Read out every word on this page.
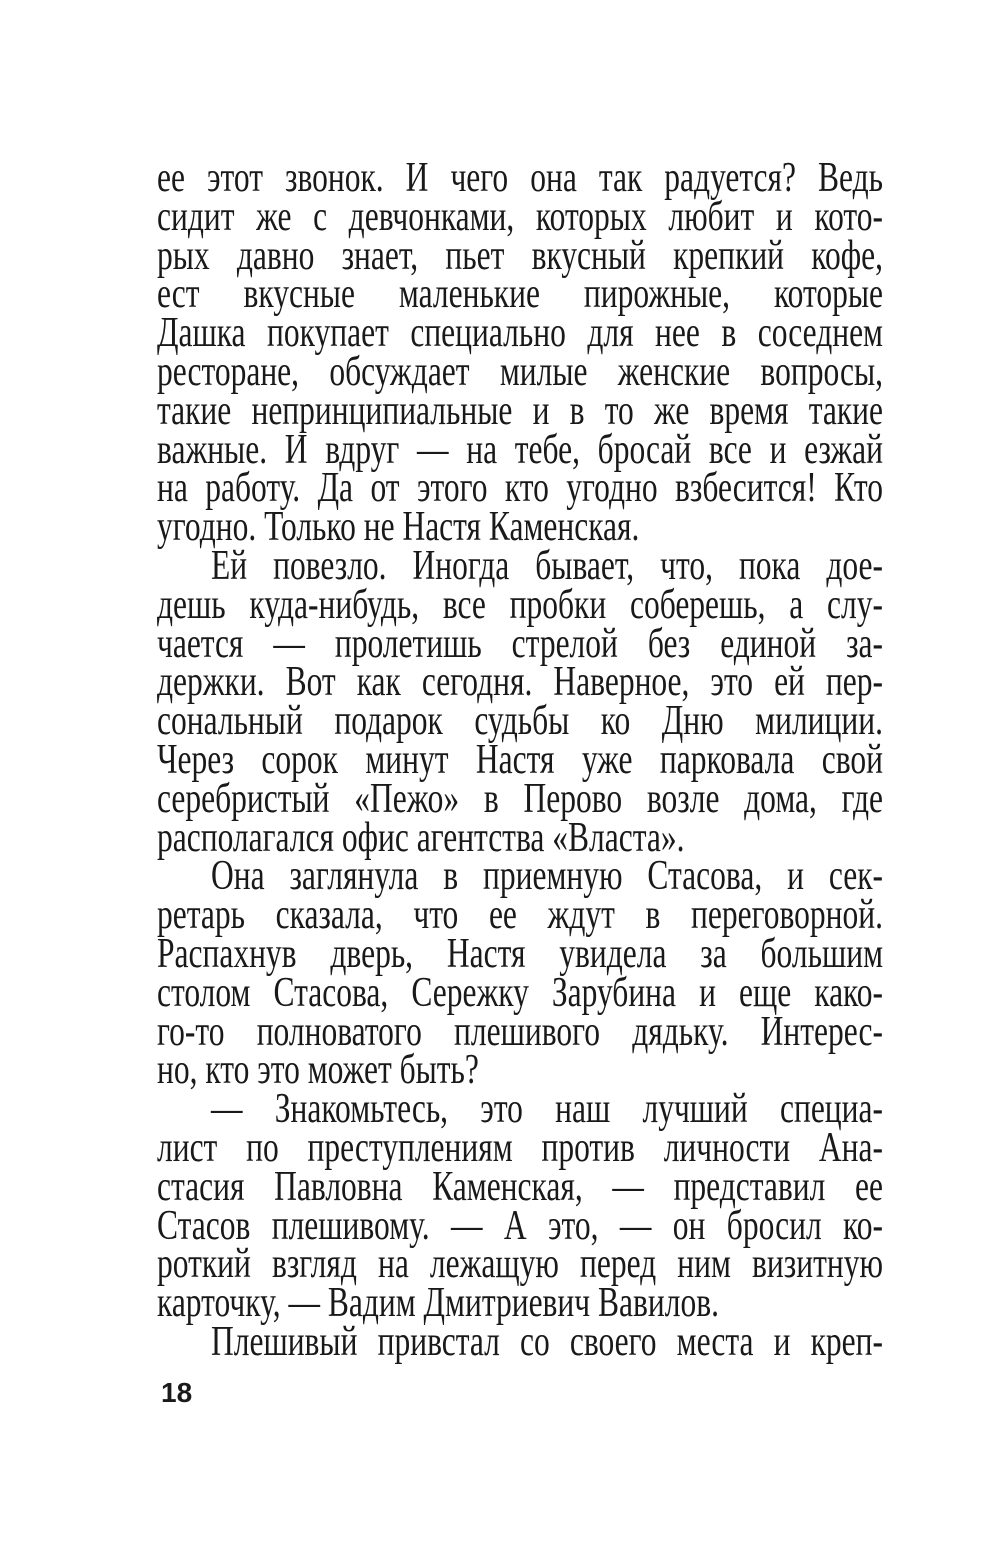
ее этот звонок. И чего она так радуется? Ведь
сидит же с девчонками, которых любит и кото-
рых давно знает, пьет вкусный крепкий кофе,
ест вкусные маленькие пирожные, которые
Дашка покупает специально для нее в соседнем
ресторане, обсуждает милые женские вопросы,
такие непринципиальные и в то же время такие
важные. И вдруг — на тебе, бросай все и езжай
на работу. Да от этого кто угодно взбесится! Кто
угодно. Только не Настя Каменская.
Ей повезло. Иногда бывает, что, пока дое-
дешь куда-нибудь, все пробки соберешь, а слу-
чается — пролетишь стрелой без единой за-
держки. Вот как сегодня. Наверное, это ей пер-
сональный подарок судьбы ко Дню милиции.
Через сорок минут Настя уже парковала свой
серебристый «Пежо» в Перово возле дома, где
располагался офис агентства «Власта».
Она заглянула в приемную Стасова, и сек-
ретарь сказала, что ее ждут в переговорной.
Распахнув дверь, Настя увидела за большим
столом Стасова, Сережку Зарубина и еще како-
го-то полноватого плешивого дядьку. Интерес-
но, кто это может быть?
— Знакомьтесь, это наш лучший специа-
лист по преступлениям против личности Ана-
стасия Павловна Каменская, — представил ее
Стасов плешивому. — А это, — он бросил ко-
роткий взгляд на лежащую перед ним визитную
карточку, — Вадим Дмитриевич Вавилов.
Плешивый привстал со своего места и креп-
18
